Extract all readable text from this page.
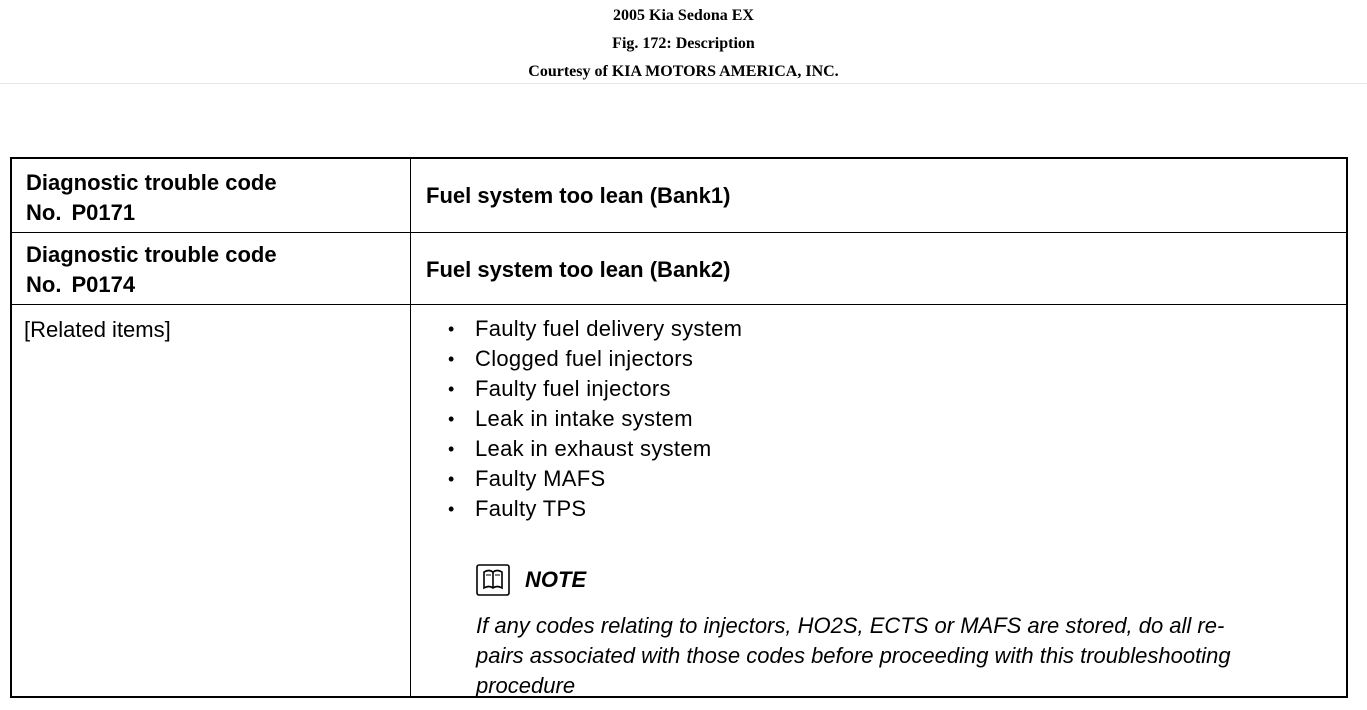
2005 Kia Sedona EX
Fig. 172: Description
Courtesy of KIA MOTORS AMERICA, INC.
Diagnostic trouble code
No. P0171
Fuel system too lean (Bank1)
Diagnostic trouble code
No. P0174
Fuel system too lean (Bank2)
[Related items]	• Faulty fuel delivery system
• Clogged fuel injectors
• Faulty fuel injectors
• Leak in intake system
• Leak in exhaust system
• Faulty MAFS
• Faulty TPS
NOTE
If any codes relating to injectors, HO2S, ECTS or MAFS are stored, do all re-
pairs associated with those codes before proceeding with this troubleshooting
procedure
